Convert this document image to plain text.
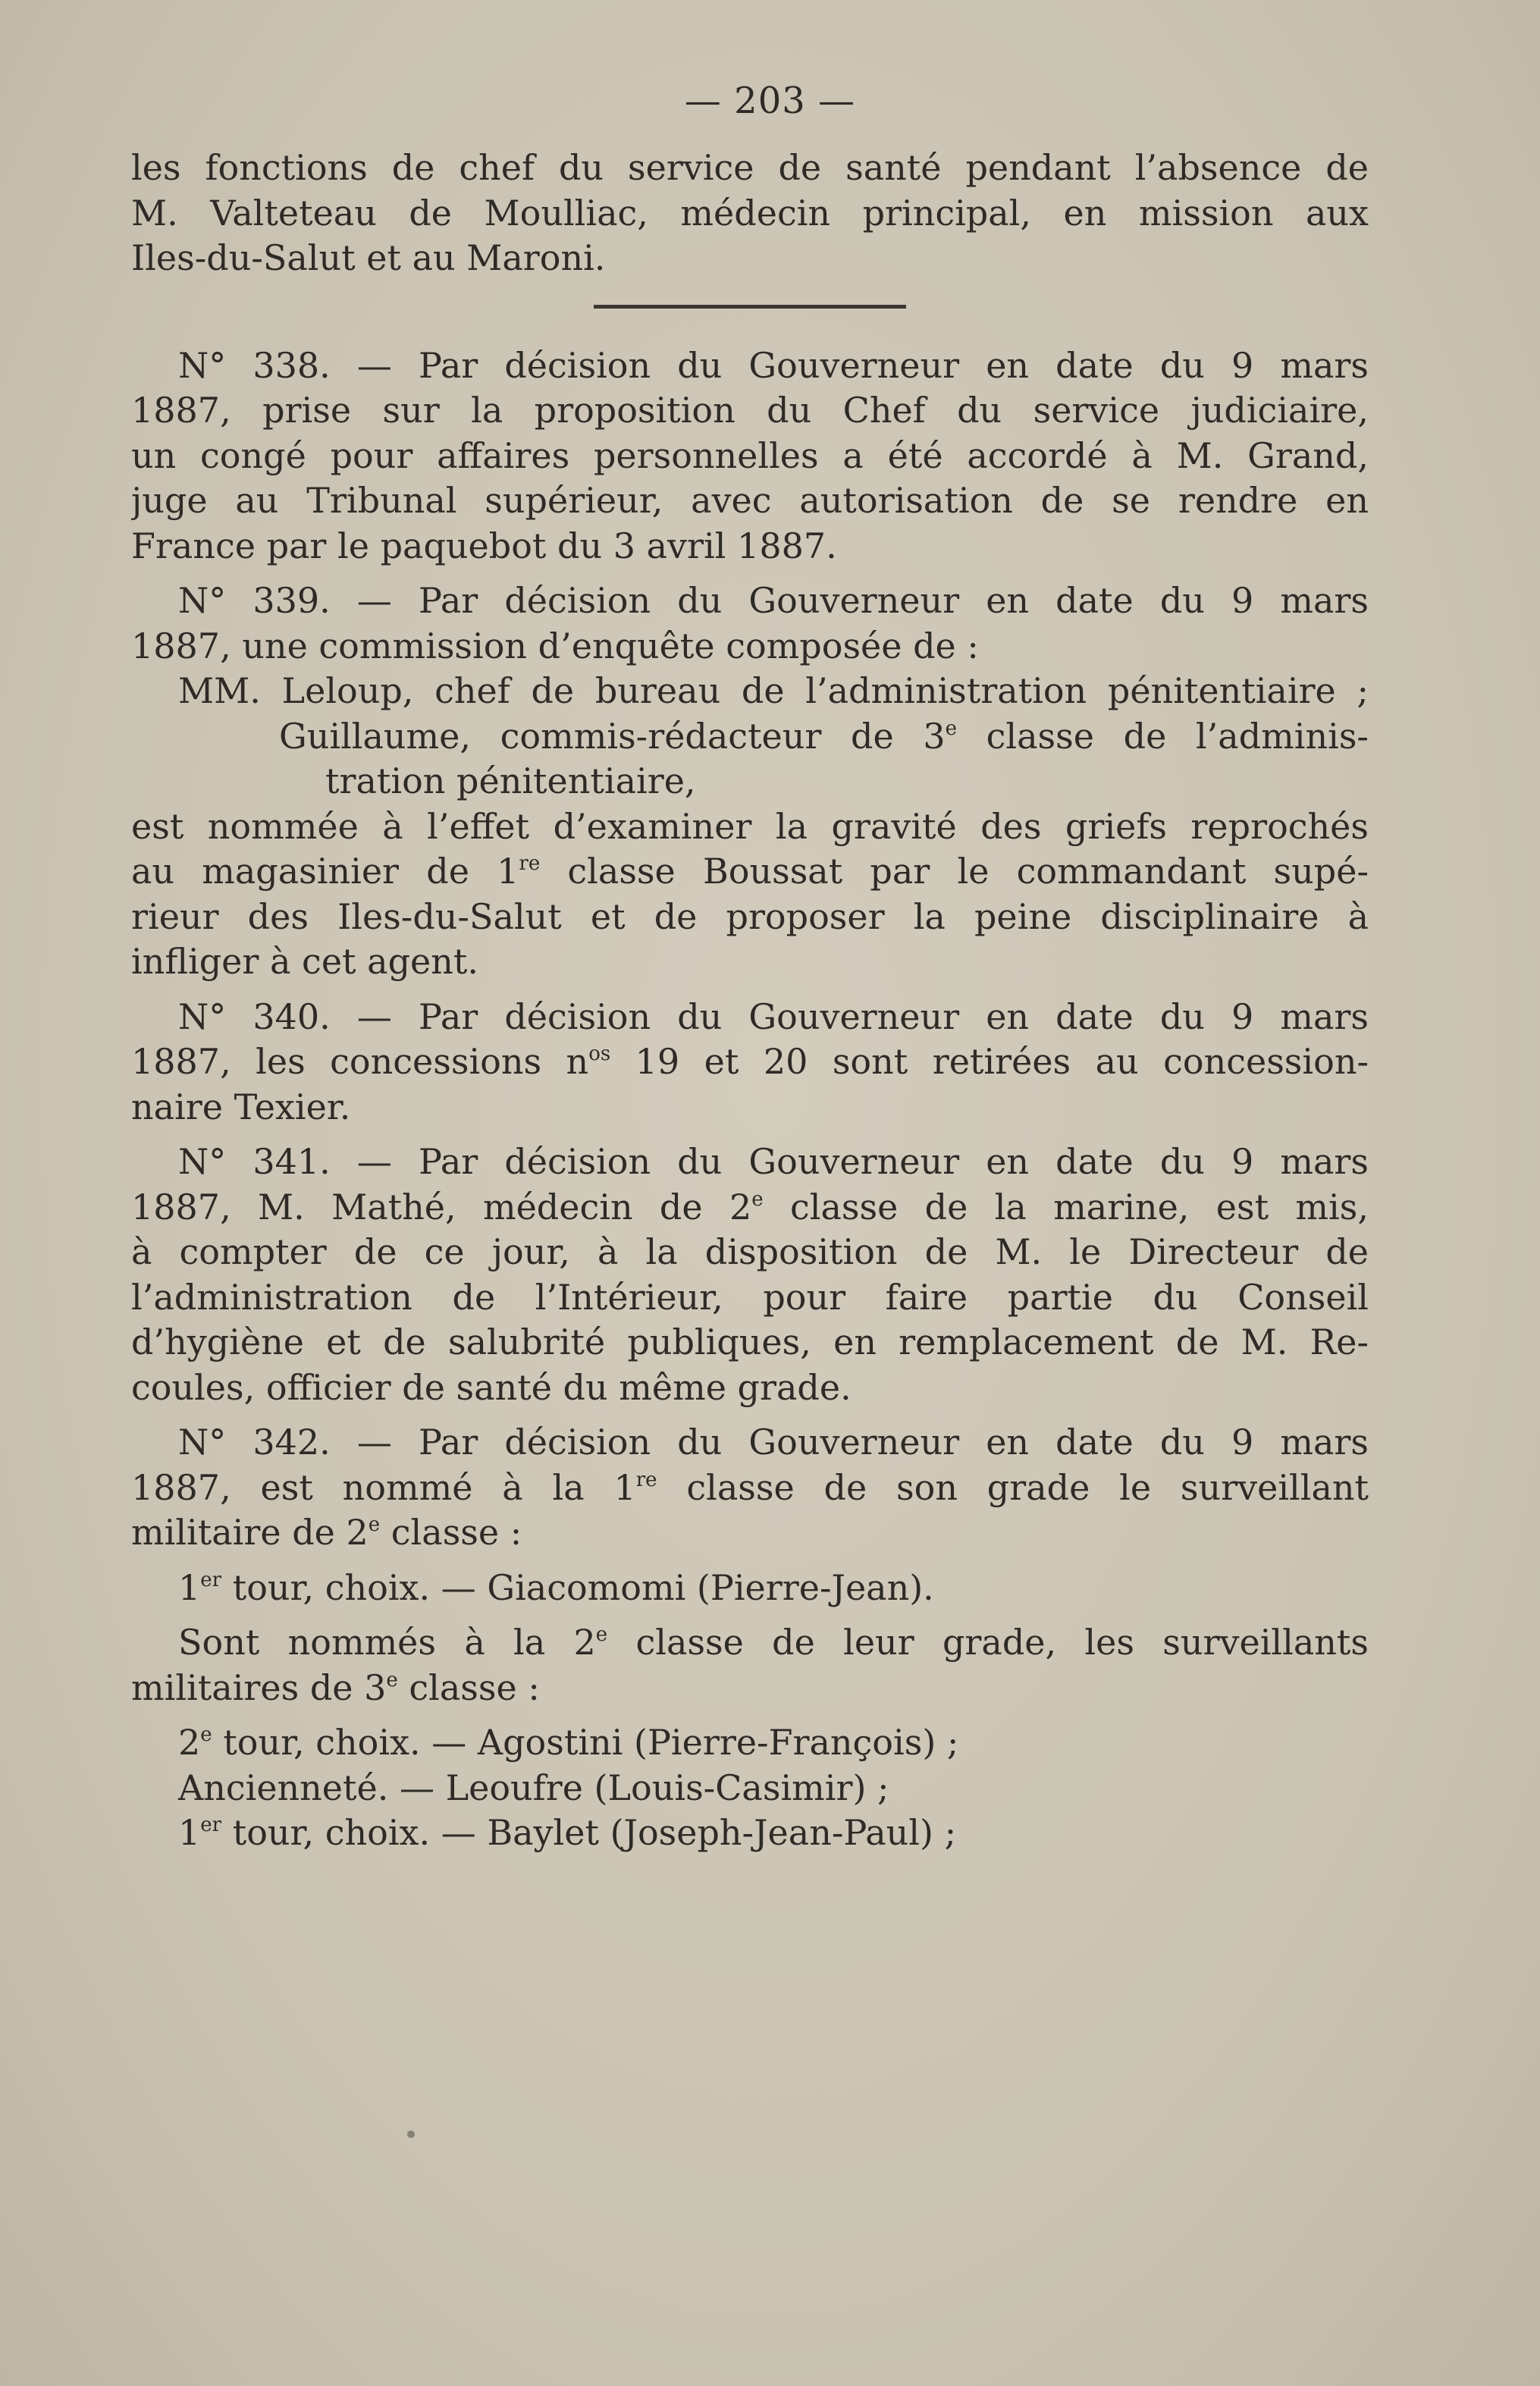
— 203 —
les fonctions de chef du service de santé pendant l’absence de
M. Valteteau de Moulliac, médecin principal, en mission aux
Iles-du-Salut et au Maroni.
N° 338. — Par décision du Gouverneur en date du 9 mars
1887, prise sur la proposition du Chef du service judiciaire,
un congé pour affaires personnelles a été accordé à M. Grand,
juge au Tribunal supérieur, avec autorisation de se rendre en
France par le paquebot du 3 avril 1887.
N° 339. — Par décision du Gouverneur en date du 9 mars
1887, une commission d’enquête composée de :
MM. Leloup, chef de bureau de l’administration pénitentiaire ;
Guillaume, commis-rédacteur de 3e classe de l’adminis-
tration pénitentiaire,
est nommée à l’effet d’examiner la gravité des griefs reprochés
au magasinier de 1re classe Boussat par le commandant supé-
rieur des Iles-du-Salut et de proposer la peine disciplinaire à
infliger à cet agent.
N° 340. — Par décision du Gouverneur en date du 9 mars
1887, les concessions $n^{os}$ 19 et 20 sont retirées au concession-
naire Texier.
N° 341. — Par décision du Gouverneur en date du 9 mars
1887, M. Mathé, médecin de 2e classe de la marine, est mis,
à compter de ce jour, à la disposition de M. le Directeur de
l’administration de l’Intérieur, pour faire partie du Conseil
d’hygiène et de salubrité publiques, en remplacement de M. Re-
coules, officier de santé du même grade.
N° 342. — Par décision du Gouverneur en date du 9 mars
1887, est nommé à la 1re classe de son grade le surveillant
militaire de 2e classe :
1er tour, choix. — Giacomomi (Pierre-Jean).
Sont nommés à la 2e classe de leur grade, les surveillants
militaires de 3e classe :
2e tour, choix. — Agostini (Pierre-François) ;
Ancienneté. — Leoufre (Louis-Casimir) ;
1er tour, choix. — Baylet (Joseph-Jean-Paul) ;
